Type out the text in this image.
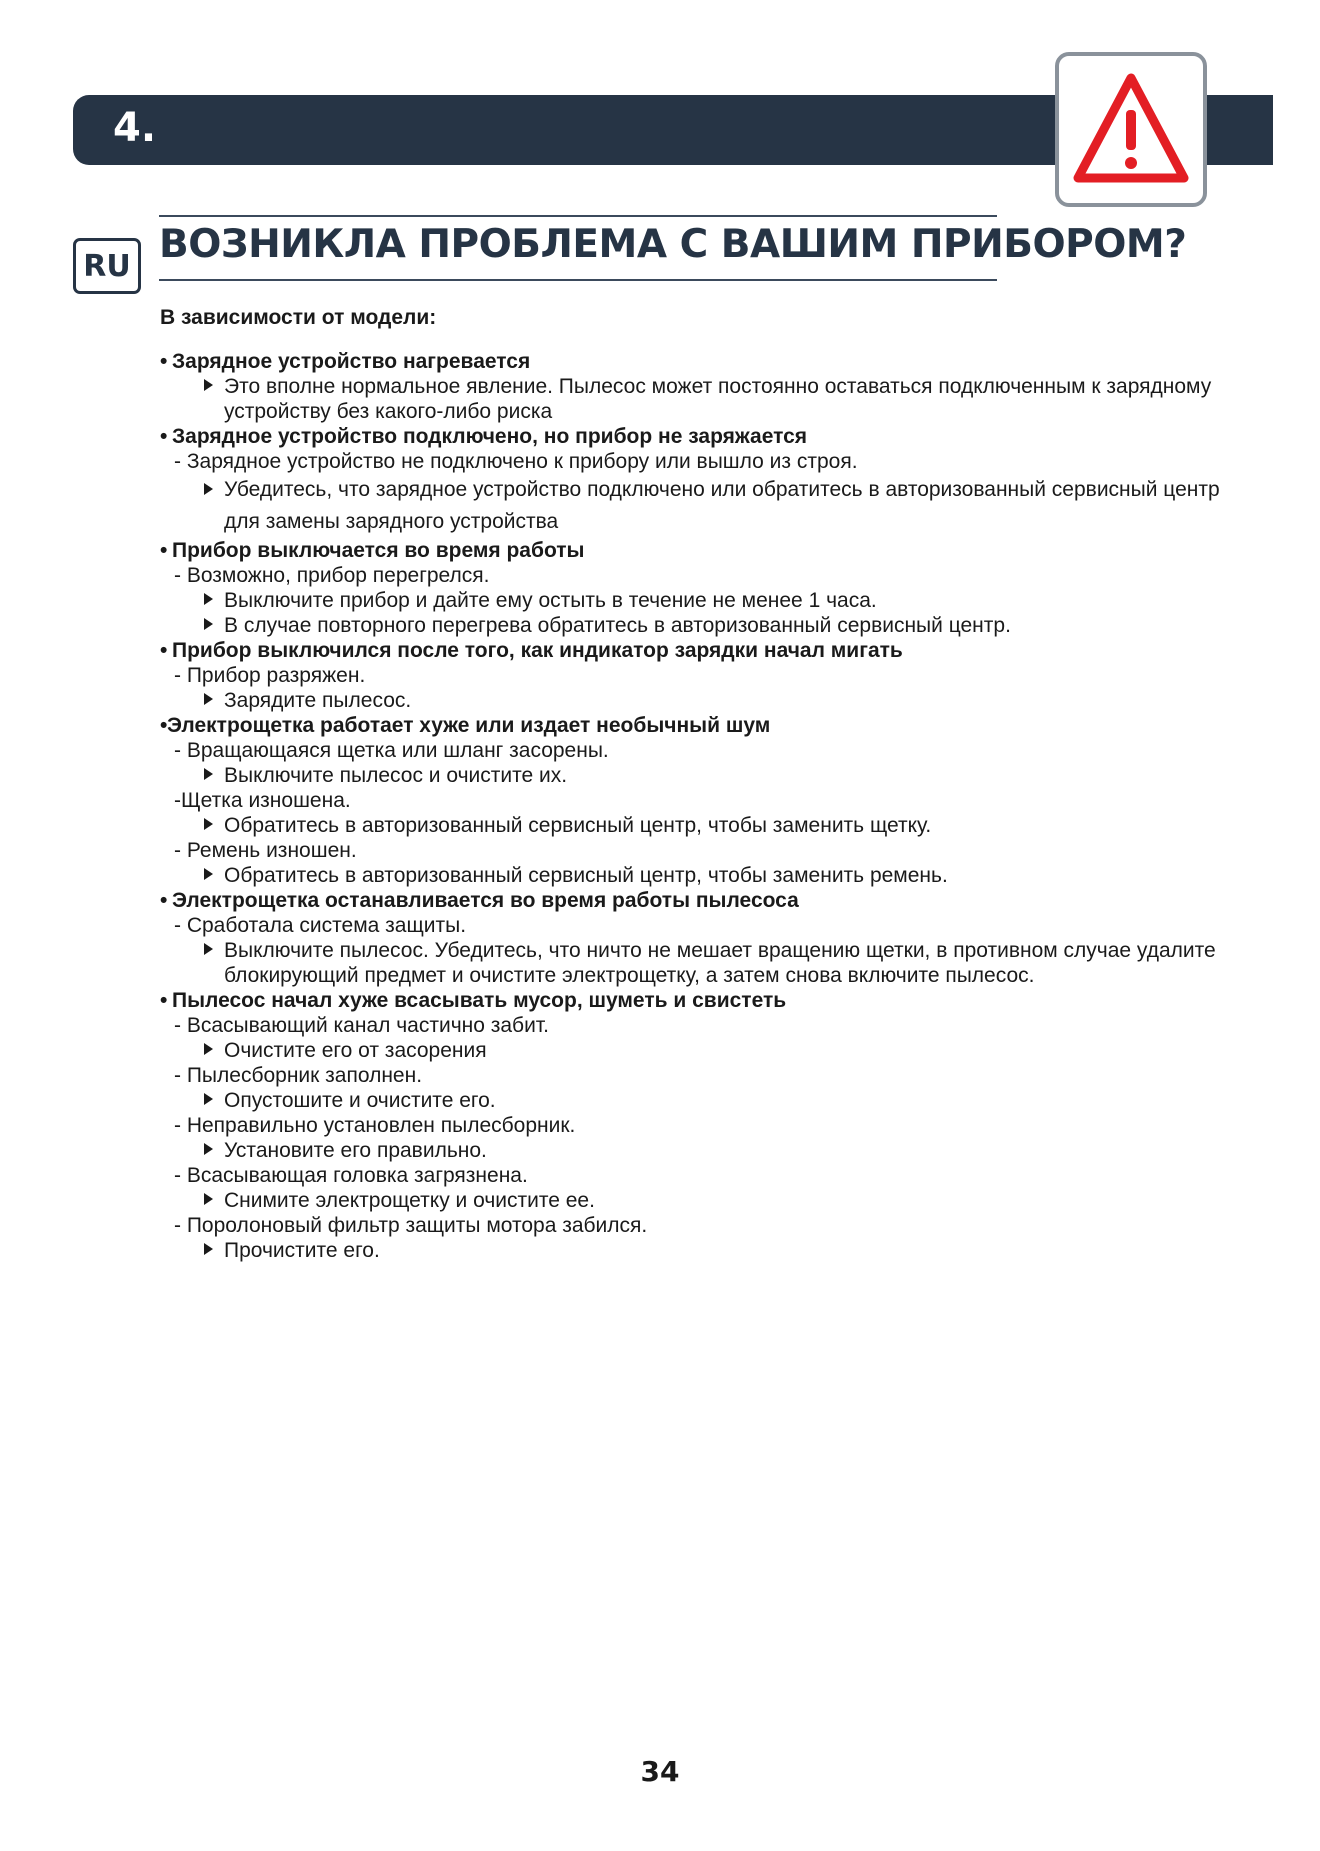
4.
RU ВОЗНИКЛА ПРОБЛЕМА С ВАШИМ ПРИБОРОМ?

В зависимости от модели:

• Зарядное устройство нагревается

Это вполне нормальное явление. Пылесос может постоянно оставаться подключенным к зарядному устройству без какого-либо риска

• Зарядное устройство подключено, но прибор не заряжается

- Зарядное устройство не подключено к прибору или вышло из строя.

Убедитесь, что зарядное устройство подключено или обратитесь в авторизованный сервисный центр для замены зарядного устройства

• Прибор выключается во время работы

- Возможно, прибор перегрелся.

Выключите прибор и дайте ему остыть в течение не менее 1 часа.

В случае повторного перегрева обратитесь в авторизованный сервисный центр.

• Прибор выключился после того, как индикатор зарядки начал мигать

- Прибор разряжен.

Зарядите пылесос.

•Электрощетка работает хуже или издает необычный шум

- Вращающаяся щетка или шланг засорены.

Выключите пылесос и очистите их.

-Щетка изношена.

Обратитесь в авторизованный сервисный центр, чтобы заменить щетку.

- Ремень изношен.

Обратитесь в авторизованный сервисный центр, чтобы заменить ремень.

• Электрощетка останавливается во время работы пылесоса

- Сработала система защиты.

Выключите пылесос. Убедитесь, что ничто не мешает вращению щетки, в противном случае удалите блокирующий предмет и очистите электрощетку, а затем снова включите пылесос.

• Пылесос начал хуже всасывать мусор, шуметь и свистеть

- Всасывающий канал частично забит.

Очистите его от засорения

- Пылесборник заполнен.

Опустошите и очистите его.

- Неправильно установлен пылесборник.

Установите его правильно.

- Всасывающая головка загрязнена.

Снимите электрощетку и очистите ее.

- Поролоновый фильтр защиты мотора забился.

Прочистите его.

34
